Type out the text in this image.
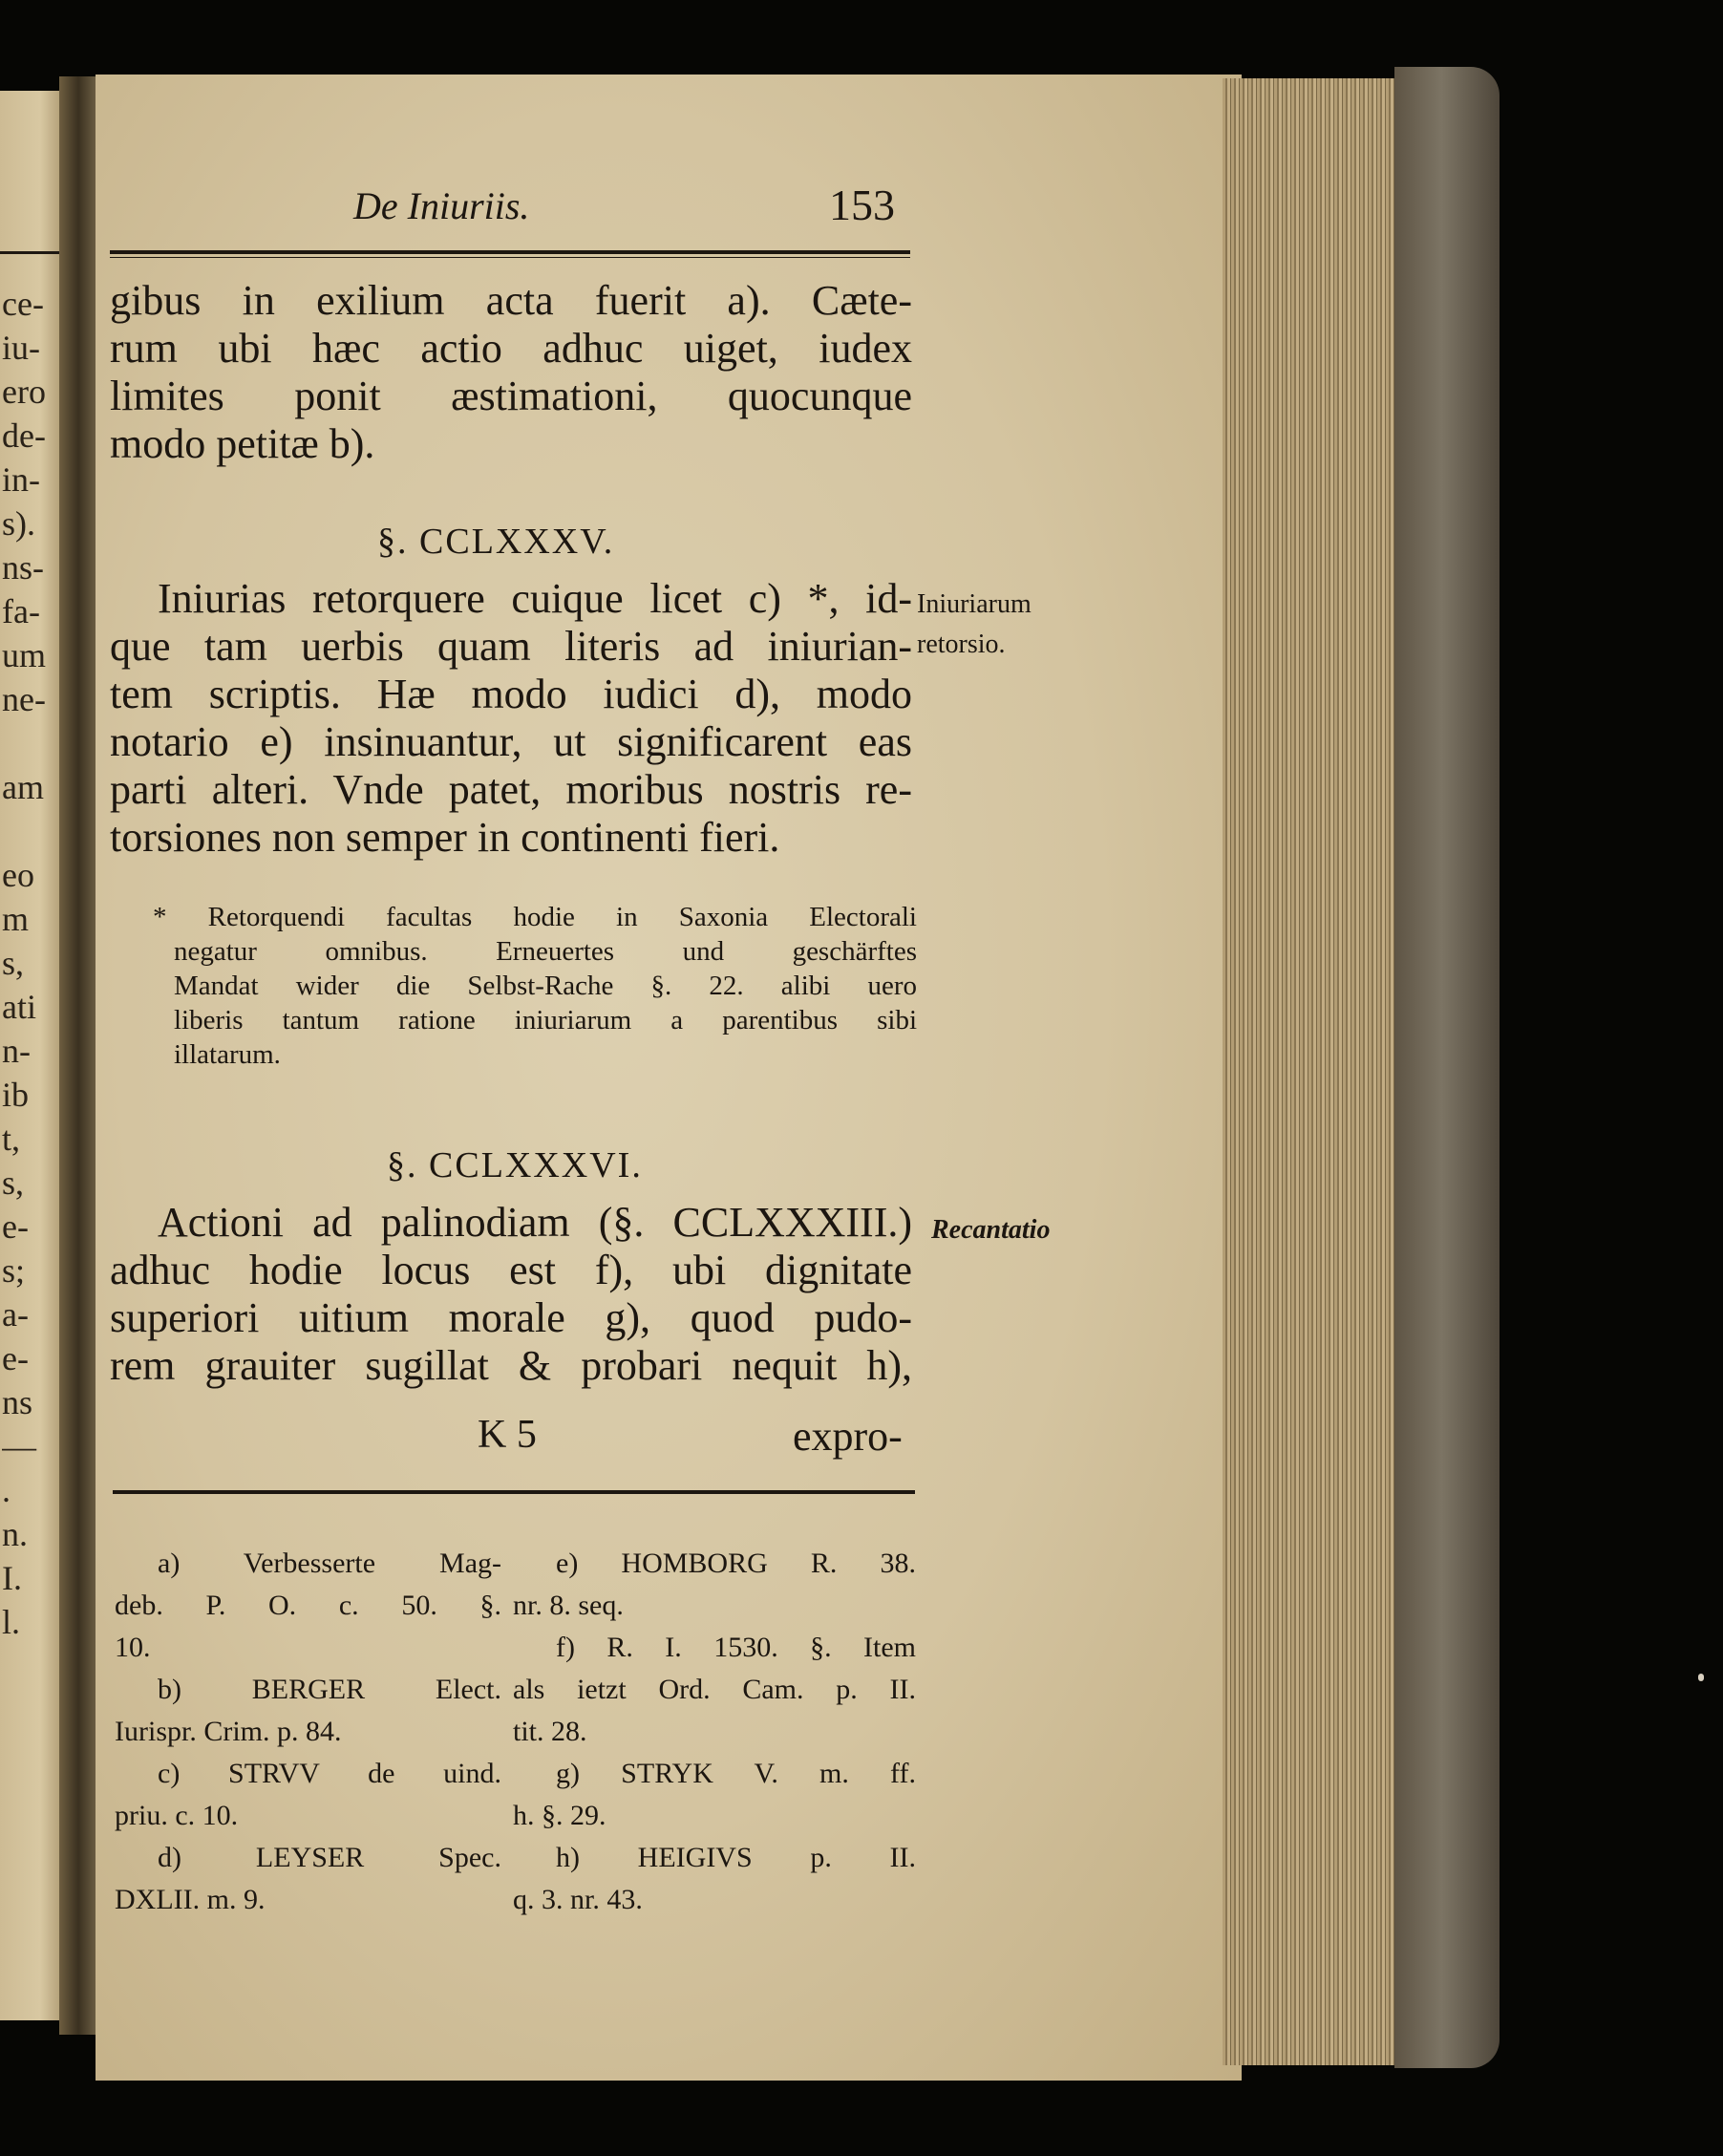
ce-
iu-
ero
de-
in-
s).
ns-
fa-
um
ne-
am
eo
m
s,
ati
n-
ib
t,
s,
e-
s;
a-
e-
ns
—
.
n.
I.
l.
De Iniuriis.	153
gibus in exilium acta fuerit a). Cæte-
rum ubi hæc actio adhuc uiget, iudex
limites ponit æstimationi, quocunque
modo petitæ b).
§. CCLXXXV.
Iniurias retorquere cuique licet c) *, id-
que tam uerbis quam literis ad iniurian-
tem scriptis. Hæ modo iudici d), modo
notario e) insinuantur, ut significarent eas
parti alteri. Vnde patet, moribus nostris re-
torsiones non semper in continenti fieri.
Iniuriarum
retorsio.
* Retorquendi facultas hodie in Saxonia Electorali
negatur omnibus. Erneuertes und geschärftes
Mandat wider die Selbst-Rache §. 22. alibi uero
liberis tantum ratione iniuriarum a parentibus sibi
illatarum.
§. CCLXXXVI.
Actioni ad palinodiam (§. CCLXXXIII.)
adhuc hodie locus est f), ubi dignitate
superiori uitium morale g), quod pudo-
rem grauiter sugillat & probari nequit h),
Recantatio
K 5	expro-
a) Verbesserte Mag-
deb. P. O. c. 50. §.
10.
b) BERGER Elect.
Iurispr. Crim. p. 84.
c) STRVV de uind.
priu. c. 10.
d) LEYSER Spec.
DXLII. m. 9.
e) HOMBORG R. 38.
nr. 8. seq.
f) R. I. 1530. §. Item
als ietzt Ord. Cam. p. II.
tit. 28.
g) STRYK V. m. ff.
h. §. 29.
h) HEIGIVS p. II.
q. 3. nr. 43.
